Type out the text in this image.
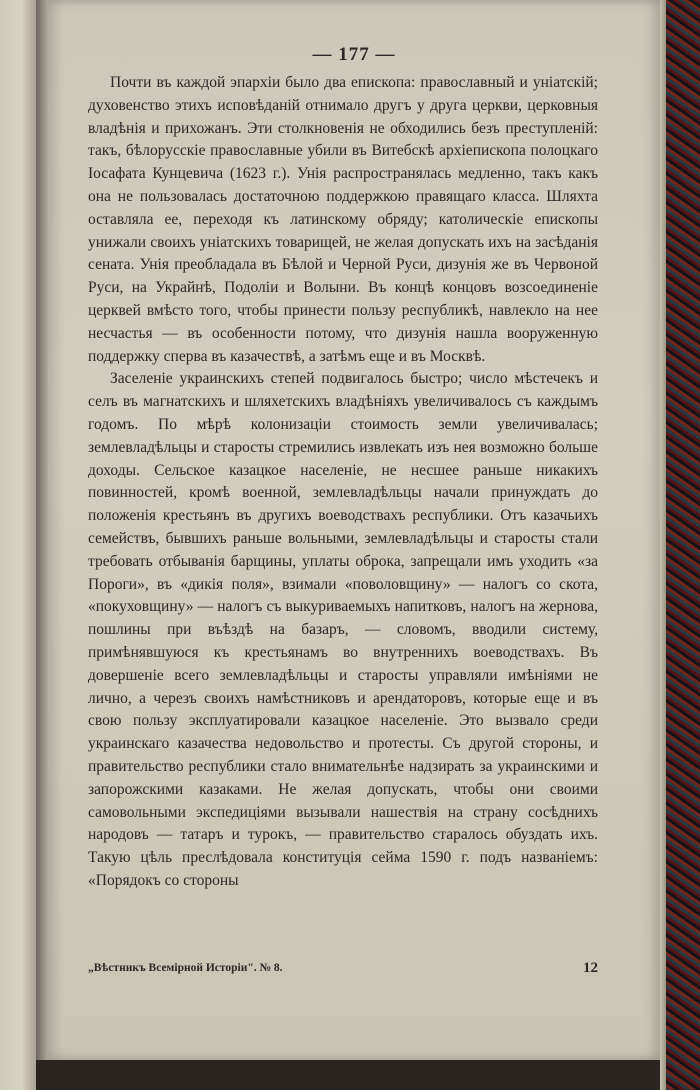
— 177 —

Почти въ каждой эпархіи было два епископа: православный и уніатскій; духовенство этихъ исповѣданій отнимало другъ у друга церкви, церковныя владѣнія и прихожанъ. Эти столкновенія не обходились безъ преступленій: такъ, бѣлорусскіе православные убили въ Витебскѣ архіепископа полоцкаго Іосафата Кунцевича (1623 г.). Унія распространялась медленно, такъ какъ она не пользовалась достаточною поддержкою правящаго класса. Шляхта оставляла ее, переходя къ латинскому обряду; католическіе епископы унижали своихъ уніатскихъ товарищей, не желая допускать ихъ на засѣданія сената. Унія преобладала въ Бѣлой и Черной Руси, дизунія же въ Червоной Руси, на Украйнѣ, Подоліи и Волыни. Въ концѣ концовъ возсоединеніе церквей вмѣсто того, чтобы принести пользу республикѣ, навлекло на нее несчастья — въ особенности потому, что дизунія нашла вооруженную поддержку сперва въ казачествѣ, а затѣмъ еще и въ Москвѣ.

Заселеніе украинскихъ степей подвигалось быстро; число мѣстечекъ и селъ въ магнатскихъ и шляхетскихъ владѣніяхъ увеличивалось съ каждымъ годомъ. По мѣрѣ колонизаціи стоимость земли увеличивалась; землевладѣльцы и старосты стремились извлекать изъ нея возможно больше доходы. Сельское казацкое населеніе, не несшее раньше никакихъ повинностей, кромѣ военной, землевладѣльцы начали принуждать до положенія крестьянъ въ другихъ воеводствахъ республики. Отъ казачьихъ семействъ, бывшихъ раньше вольными, землевладѣльцы и старосты стали требовать отбыванія барщины, уплаты оброка, запрещали имъ уходить «за Пороги», въ «дикія поля», взимали «поволовщину» — налогъ со скота, «покуховщину» — налогъ съ выкуриваемыхъ напитковъ, налогъ на жернова, пошлины при въѣздѣ на базаръ, — словомъ, вводили систему, примѣнявшуюся къ крестьянамъ во внутреннихъ воеводствахъ. Въ довершеніе всего землевладѣльцы и старосты управляли имѣніями не лично, а черезъ своихъ намѣстниковъ и арендаторовъ, которые еще и въ свою пользу эксплуатировали казацкое населеніе. Это вызвало среди украинскаго казачества недовольство и протесты. Съ другой стороны, и правительство республики стало внимательнѣе надзирать за украинскими и запорожскими казаками. Не желая допускать, чтобы они своими самовольными экспедиціями вызывали нашествія на страну сосѣднихъ народовъ — татаръ и турокъ, — правительство старалось обуздать ихъ. Такую цѣль преслѣдовала конституція сейма 1590 г. подъ названіемъ: «Порядокъ со стороны

„Вѣстникъ Всемірной Исторіи". № 8.	12
